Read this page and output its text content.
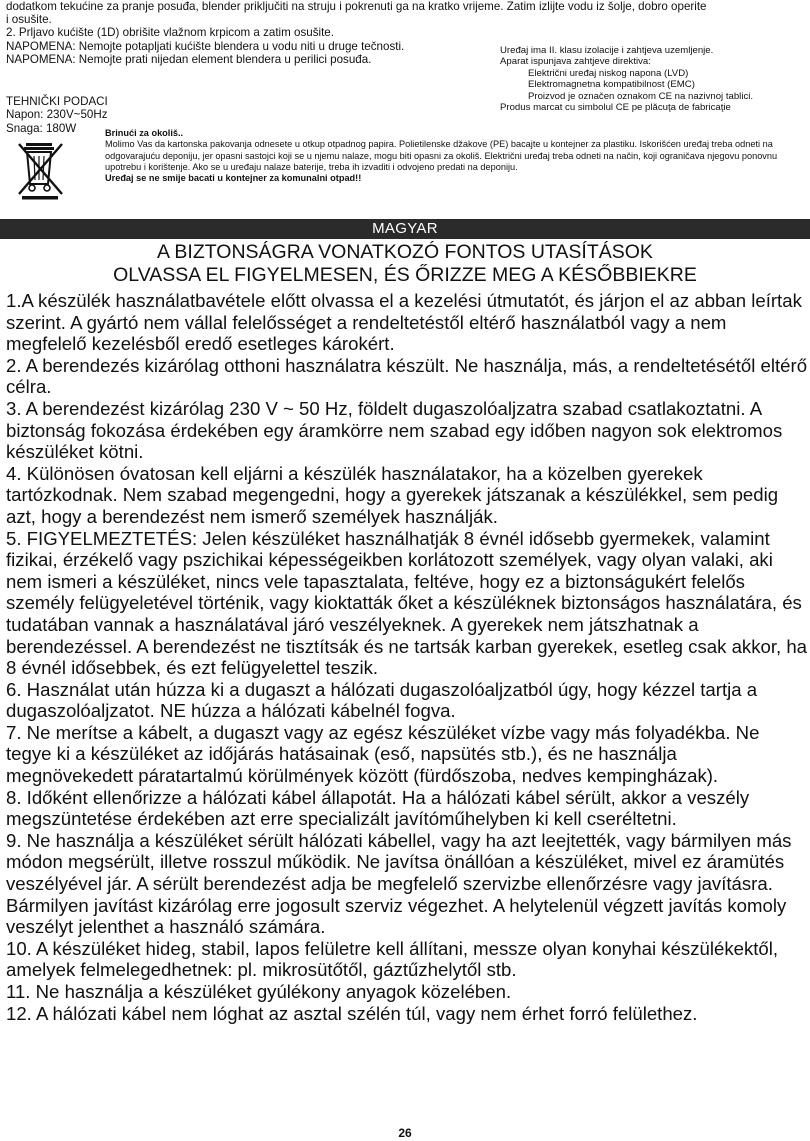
dodatkom tekućine za pranje posuđa, blender priključiti na struju i pokrenuti ga na kratko vrijeme. Zatim izlijte vodu iz šolje, dobro operite
i osušite.
2. Prljavo kućište (1D) obrišite vlažnom krpicom a zatim osušite.
NAPOMENA: Nemojte potapljati kućište blendera u vodu niti u druge tečnosti.
NAPOMENA: Nemojte prati nijedan element blendera u perilici posuđa.
Uređaj ima II. klasu izolacije i zahtjeva uzemljenje.
Aparat ispunjava zahtjeve direktiva:
Električni uređaj niskog napona (LVD)
Elektromagnetna kompatibilnost (EMC)
Proizvod je označen oznakom CE na nazivnoj tablici.
Produs marcat cu simbolul CE pe plăcuţa de fabricaţie
TEHNIČKI PODACI
Napon: 230V~50Hz
Snaga: 180W	Brinući za okoliš..
Molimo Vas da kartonska pakovanja odnesete u otkup otpadnog papira. Polietilenske džakove (PE) bacajte u kontejner za plastiku. Iskorišćen uređaj treba odneti na odgovarajuću deponiju, jer opasni sastojci koji se u njemu nalaze, mogu biti opasni za okoliš. Električni uređaj treba odneti na način, koji ograničava njegovu ponovnu upotrebu i korištenje. Ako se u uređaju nalaze baterije, treba ih izvaditi i odvojeno predati na deponiju.
Uređaj se ne smije bacati u kontejner za komunalni otpad!!
MAGYAR
A BIZTONSÁGRA VONATKOZÓ FONTOS UTASÍTÁSOK
OLVASSA EL FIGYELMESEN, ÉS ŐRIZZE MEG A KÉSŐBBIEKRE

1.A készülék használatbavétele előtt olvassa el a kezelési útmutatót, és járjon el az abban leírtak szerint. A gyártó nem vállal felelősséget a rendeltetéstől eltérő használatból vagy a nem megfelelő kezelésből eredő esetleges károkért.

2. A berendezés kizárólag otthoni használatra készült. Ne használja, más, a rendeltetésétől eltérő célra.

3. A berendezést kizárólag 230 V ~ 50 Hz, földelt dugaszolóaljzatra szabad csatlakoztatni. A biztonság fokozása érdekében egy áramkörre nem szabad egy időben nagyon sok elektromos készüléket kötni.

4. Különösen óvatosan kell eljárni a készülék használatakor, ha a közelben gyerekek tartózkodnak. Nem szabad megengedni, hogy a gyerekek játszanak a készülékkel, sem pedig azt, hogy a berendezést nem ismerő személyek használják.

5. FIGYELMEZTETÉS: Jelen készüléket használhatják 8 évnél idősebb gyermekek, valamint fizikai, érzékelő vagy pszichikai képességeikben korlátozott személyek, vagy olyan valaki, aki nem ismeri a készüléket, nincs vele tapasztalata, feltéve, hogy ez a biztonságukért felelős személy felügyeletével történik, vagy kioktatták őket a készüléknek biztonságos használatára, és tudatában vannak a használatával járó veszélyeknek. A gyerekek nem játszhatnak a berendezéssel. A berendezést ne tisztítsák és ne tartsák karban gyerekek, esetleg csak akkor, ha 8 évnél idősebbek, és ezt felügyelettel teszik.

6. Használat után húzza ki a dugaszt a hálózati dugaszolóaljzatból úgy, hogy kézzel tartja a dugaszolóaljzatot. NE húzza a hálózati kábelnél fogva.

7. Ne merítse a kábelt, a dugaszt vagy az egész készüléket vízbe vagy más folyadékba. Ne tegye ki a készüléket az időjárás hatásainak (eső, napsütés stb.), és ne használja megnövekedett páratartalmú körülmények között (fürdőszoba, nedves kempingházak).

8. Időként ellenőrizze a hálózati kábel állapotát. Ha a hálózati kábel sérült, akkor a veszély megszüntetése érdekében azt erre specializált javítóműhelyben ki kell cseréltetni.

9. Ne használja a készüléket sérült hálózati kábellel, vagy ha azt leejtették, vagy bármilyen más módon megsérült, illetve rosszul működik. Ne javítsa önállóan a készüléket, mivel ez áramütés veszélyével jár. A sérült berendezést adja be megfelelő szervizbe ellenőrzésre vagy javításra. Bármilyen javítást kizárólag erre jogosult szerviz végezhet. A helytelenül végzett javítás komoly veszélyt jelenthet a használó számára.

10. A készüléket hideg, stabil, lapos felületre kell állítani, messze olyan konyhai készülékektől, amelyek felmelegedhetnek: pl. mikrosütőtől, gáztűzhelytől stb.

11. Ne használja a készüléket gyúlékony anyagok közelében.

12. A hálózati kábel nem lóghat az asztal szélén túl, vagy nem érhet forró felülethez.

26
